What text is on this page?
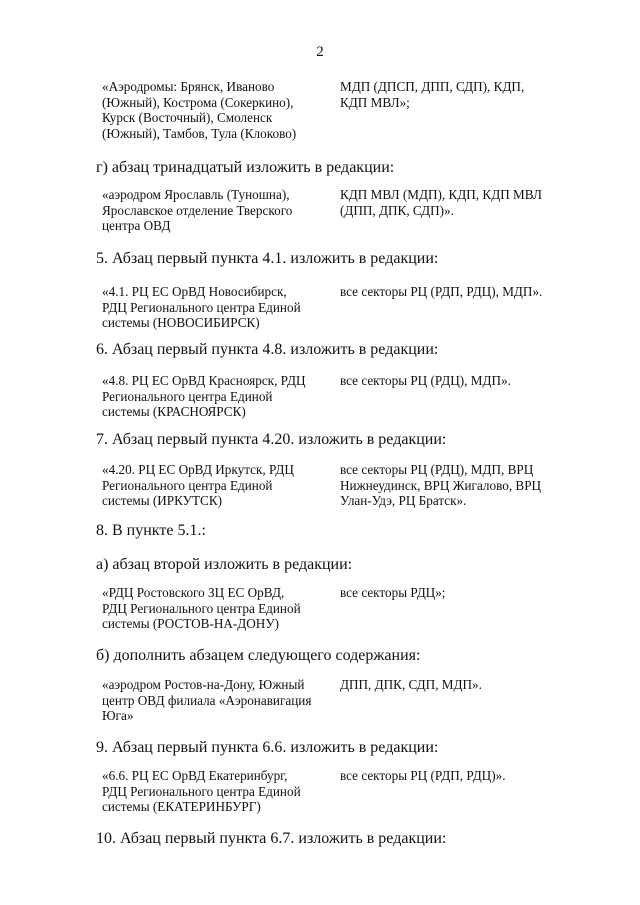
2
«Аэродромы: Брянск, Иваново
(Южный), Кострома (Сокеркино),
Курск (Восточный), Смоленск
(Южный), Тамбов, Тула (Клоково)
МДП (ДПСП, ДПП, СДП), КДП,
КДП МВЛ»;
г) абзац тринадцатый изложить в редакции:
«аэродром Ярославль (Туношна),
Ярославское отделение Тверского
центра ОВД
КДП МВЛ (МДП), КДП, КДП МВЛ
(ДПП, ДПК, СДП)».
5. Абзац первый пункта 4.1. изложить в редакции:
«4.1. РЦ ЕС ОрВД Новосибирск,
РДЦ Регионального центра Единой
системы (НОВОСИБИРСК)
все секторы РЦ (РДП, РДЦ), МДП».
6. Абзац первый пункта 4.8. изложить в редакции:
«4.8. РЦ ЕС ОрВД Красноярск, РДЦ
Регионального центра Единой
системы (КРАСНОЯРСК)
все секторы РЦ (РДЦ), МДП».
7. Абзац первый пункта 4.20. изложить в редакции:
«4.20. РЦ ЕС ОрВД Иркутск, РДЦ
Регионального центра Единой
системы (ИРКУТСК)
все секторы РЦ (РДЦ), МДП, ВРЦ
Нижнеудинск, ВРЦ Жигалово, ВРЦ
Улан-Удэ, РЦ Братск».
8. В пункте 5.1.:
а) абзац второй изложить в редакции:
«РДЦ Ростовского ЗЦ ЕС ОрВД,
РДЦ Регионального центра Единой
системы (РОСТОВ-НА-ДОНУ)
все секторы РДЦ»;
б) дополнить абзацем следующего содержания:
«аэродром Ростов-на-Дону, Южный
центр ОВД филиала «Аэронавигация
Юга»
ДПП, ДПК, СДП, МДП».
9. Абзац первый пункта 6.6. изложить в редакции:
«6.6. РЦ ЕС ОрВД Екатеринбург,
РДЦ Регионального центра Единой
системы (ЕКАТЕРИНБУРГ)
все секторы РЦ (РДП, РДЦ)».
10. Абзац первый пункта 6.7. изложить в редакции:
